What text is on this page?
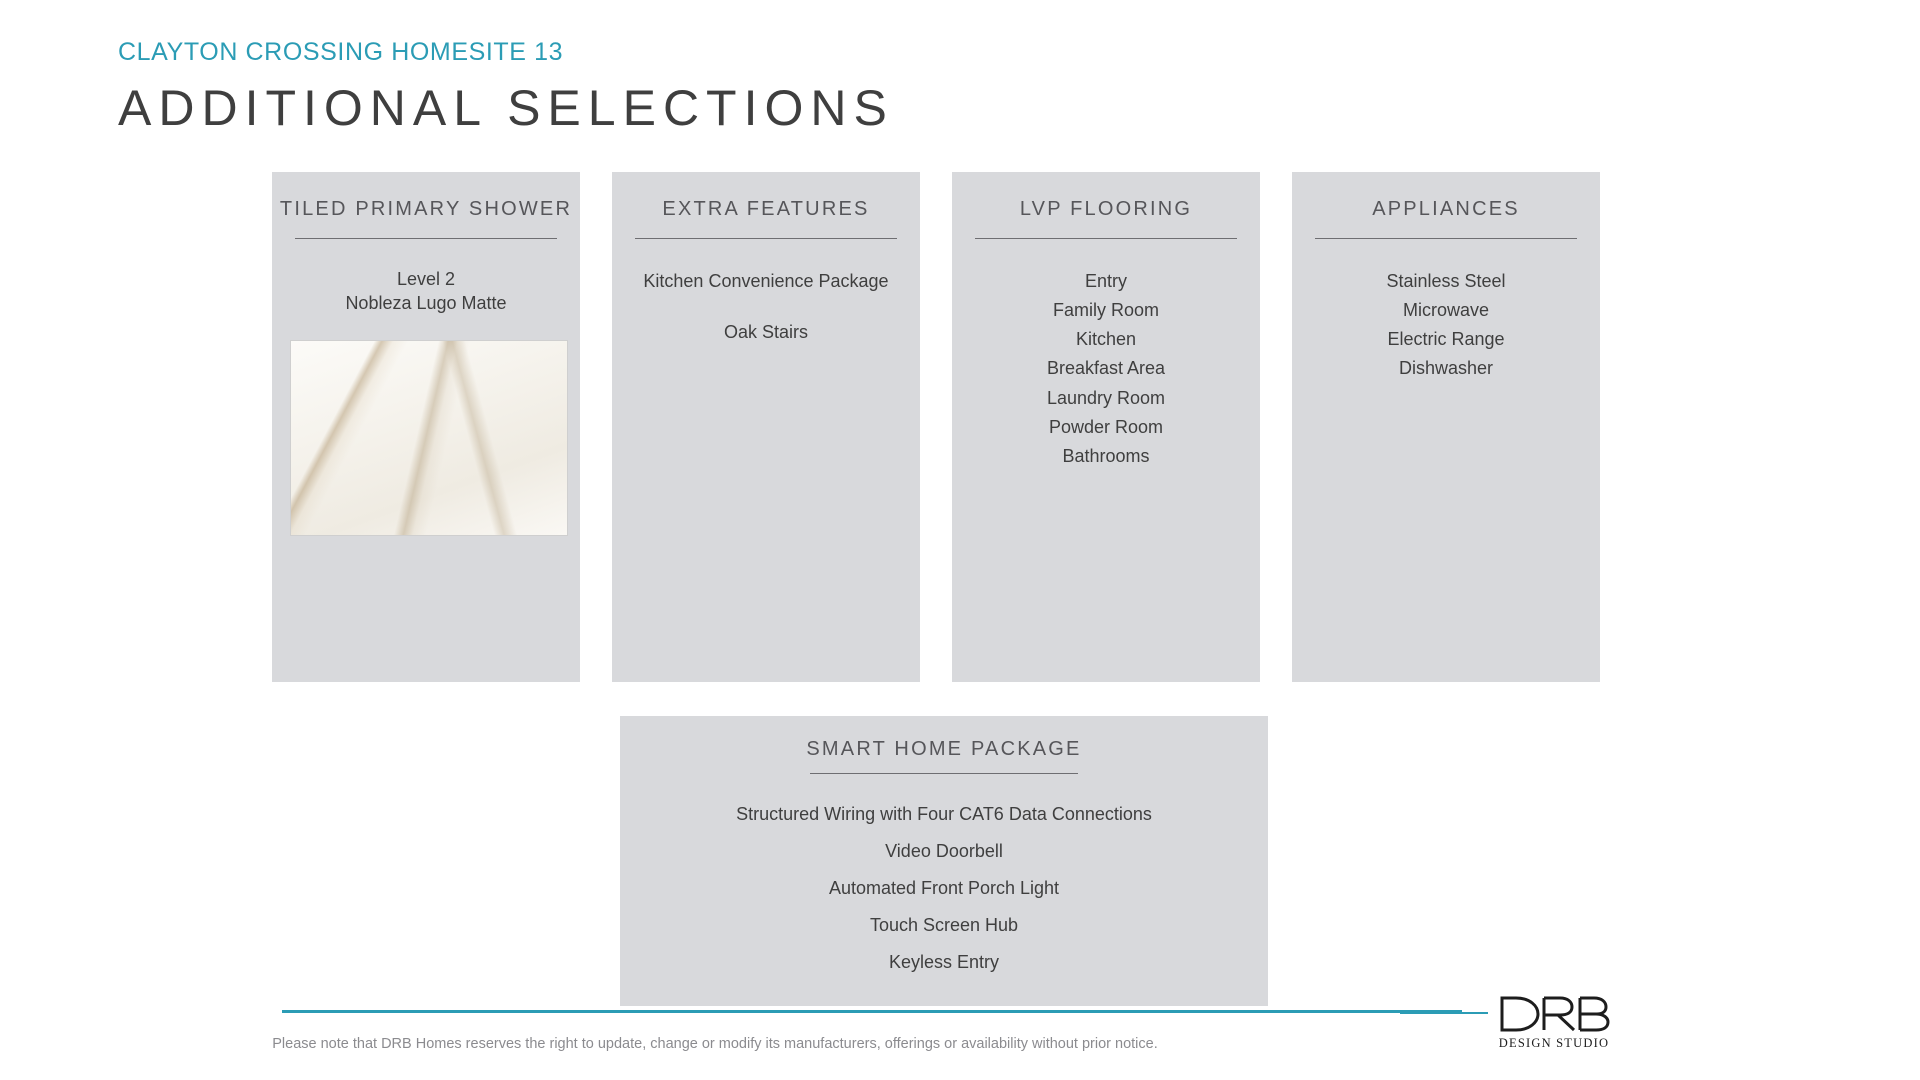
CLAYTON CROSSING HOMESITE 13
ADDITIONAL SELECTIONS
TILED PRIMARY SHOWER
Level 2
Nobleza Lugo Matte
EXTRA FEATURES
Kitchen Convenience Package
Oak Stairs
LVP FLOORING
Entry
Family Room
Kitchen
Breakfast Area
Laundry Room
Powder Room
Bathrooms
APPLIANCES
Stainless Steel
Microwave
Electric Range
Dishwasher
SMART HOME PACKAGE
Structured Wiring with Four CAT6 Data Connections
Video Doorbell
Automated Front Porch Light
Touch Screen Hub
Keyless Entry
Please note that DRB Homes reserves the right to update, change or modify its manufacturers, offerings or availability without prior notice.	DESIGN STUDIO
